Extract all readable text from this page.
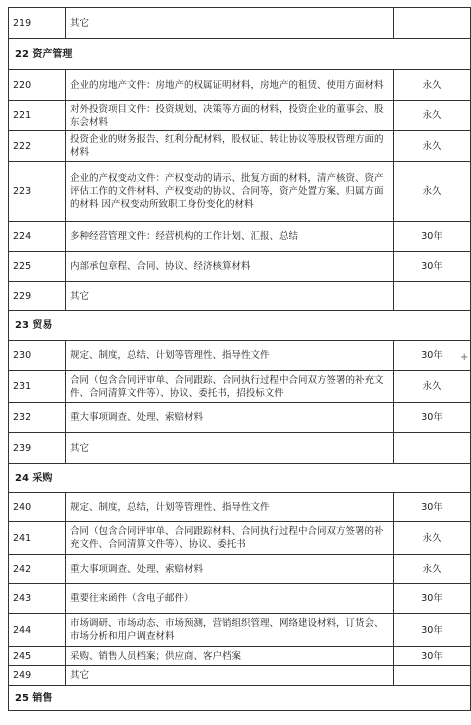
219	其它	
22 资产管理		
220	企业的房地产文件：房地产的权属证明材料，房地产的租赁、使用方面材料	永久
221	对外投资项目文件：投资规划、决策等方面的材料，投资企业的董事会、股东会材料	永久
222	投资企业的财务报告、红利分配材料，股权证、转让协议等股权管理方面的材料	永久
223	企业的产权变动文件：产权变动的请示、批复方面的材料，清产核资、资产评估工作的文件材料、产权变动的协议、合同等，资产处置方案、归属方面的材料 因产权变动所致职工身份变化的材料	永久
224	多种经营管理文件：经营机构的工作计划、汇报、总结	30年
225	内部承包章程、合同、协议、经济核算材料	30年
229	其它	
23 贸易		
230	规定、制度，总结、计划等管理性、指导性文件	30年
231	合同（包含合同评审单、合同跟踪、合同执行过程中合同双方签署的补充文件、合同清算文件等）、协议、委托书，招投标文件	永久
232	重大事项调查、处理、索赔材料	30年
239	其它	
24 采购		
240	规定、制度，总结，计划等管理性、指导性文件	30年
241	合同（包含合同评审单、合同跟踪材料、合同执行过程中合同双方签署的补充文件、合同清算文件等）、协议、委托书	永久
242	重大事项调查、处理、索赔材料	永久
243	重要往来函件（含电子邮件）	30年
244	市场调研、市场动态、市场预测，营销组织管理、网络建设材料，订货会、市场分析和用户调查材料	30年
245	采购、销售人员档案；供应商、客户档案	30年
249	其它	
25 销售		
+
